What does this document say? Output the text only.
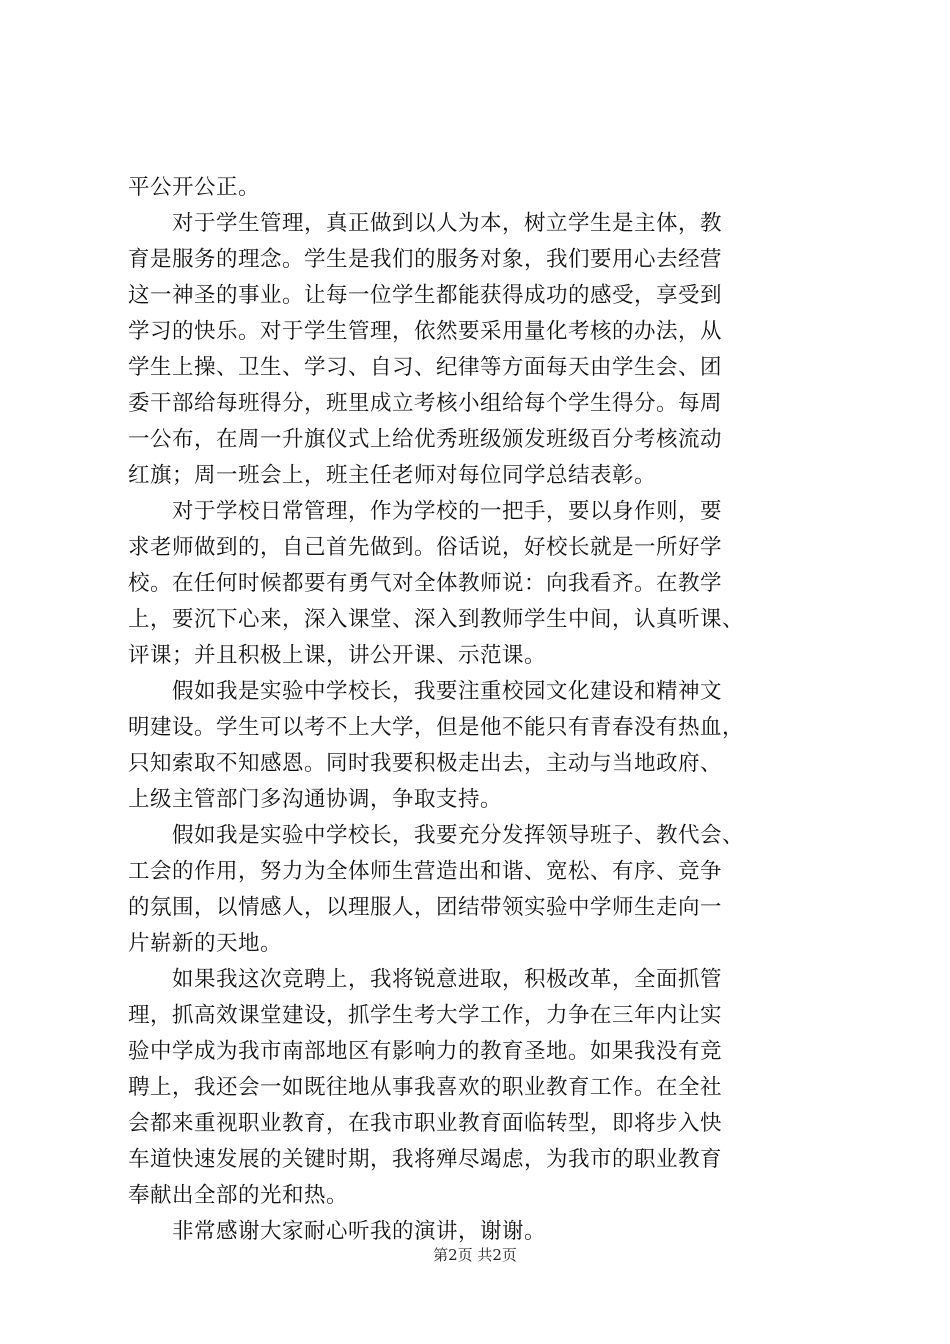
平公开公正。
对于学生管理，真正做到以人为本，树立学生是主体，教
育是服务的理念。学生是我们的服务对象，我们要用心去经营
这一神圣的事业。让每一位学生都能获得成功的感受，享受到
学习的快乐。对于学生管理，依然要采用量化考核的办法，从
学生上操、卫生、学习、自习、纪律等方面每天由学生会、团
委干部给每班得分，班里成立考核小组给每个学生得分。每周
一公布，在周一升旗仪式上给优秀班级颁发班级百分考核流动
红旗；周一班会上，班主任老师对每位同学总结表彰。
对于学校日常管理，作为学校的一把手，要以身作则，要
求老师做到的，自己首先做到。俗话说，好校长就是一所好学
校。在任何时候都要有勇气对全体教师说：向我看齐。在教学
上，要沉下心来，深入课堂、深入到教师学生中间，认真听课、
评课；并且积极上课，讲公开课、示范课。
假如我是实验中学校长，我要注重校园文化建设和精神文
明建设。学生可以考不上大学，但是他不能只有青春没有热血，
只知索取不知感恩。同时我要积极走出去，主动与当地政府、
上级主管部门多沟通协调，争取支持。
假如我是实验中学校长，我要充分发挥领导班子、教代会、
工会的作用，努力为全体师生营造出和谐、宽松、有序、竞争
的氛围，以情感人，以理服人，团结带领实验中学师生走向一
片崭新的天地。
如果我这次竞聘上，我将锐意进取，积极改革，全面抓管
理，抓高效课堂建设，抓学生考大学工作，力争在三年内让实
验中学成为我市南部地区有影响力的教育圣地。如果我没有竞
聘上，我还会一如既往地从事我喜欢的职业教育工作。在全社
会都来重视职业教育，在我市职业教育面临转型，即将步入快
车道快速发展的关键时期，我将殚尽竭虑，为我市的职业教育
奉献出全部的光和热。
非常感谢大家耐心听我的演讲，谢谢。
第2页 共2页
